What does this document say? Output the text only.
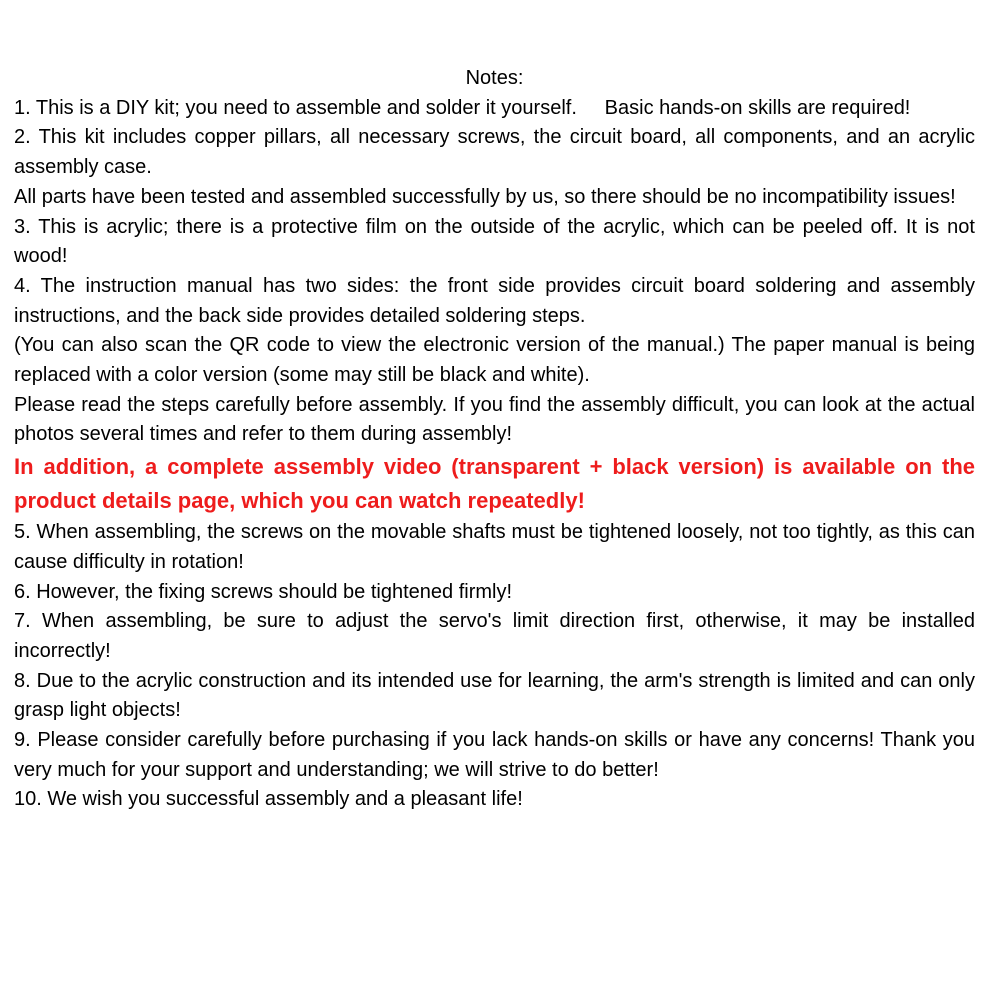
Notes:

1. This is a DIY kit; you need to assemble and solder it yourself.     Basic hands-on skills are required!

2. This kit includes copper pillars, all necessary screws, the circuit board, all components, and an acrylic assembly case.

All parts have been tested and assembled successfully by us, so there should be no incompatibility issues!

3. This is acrylic; there is a protective film on the outside of the acrylic, which can be peeled off. It is not wood!

4. The instruction manual has two sides: the front side provides circuit board soldering and assembly instructions, and the back side provides detailed soldering steps.

(You can also scan the QR code to view the electronic version of the manual.) The paper manual is being replaced with a color version (some may still be black and white).

Please read the steps carefully before assembly. If you find the assembly difficult, you can look at the actual photos several times and refer to them during assembly!

In addition, a complete assembly video (transparent + black version) is available on the product details page, which you can watch repeatedly!

5. When assembling, the screws on the movable shafts must be tightened loosely, not too tightly, as this can cause difficulty in rotation!

6. However, the fixing screws should be tightened firmly!

7. When assembling, be sure to adjust the servo's limit direction first, otherwise, it may be installed incorrectly!

8. Due to the acrylic construction and its intended use for learning, the arm's strength is limited and can only grasp light objects!

9. Please consider carefully before purchasing if you lack hands-on skills or have any concerns! Thank you very much for your support and understanding; we will strive to do better!

10. We wish you successful assembly and a pleasant life!
